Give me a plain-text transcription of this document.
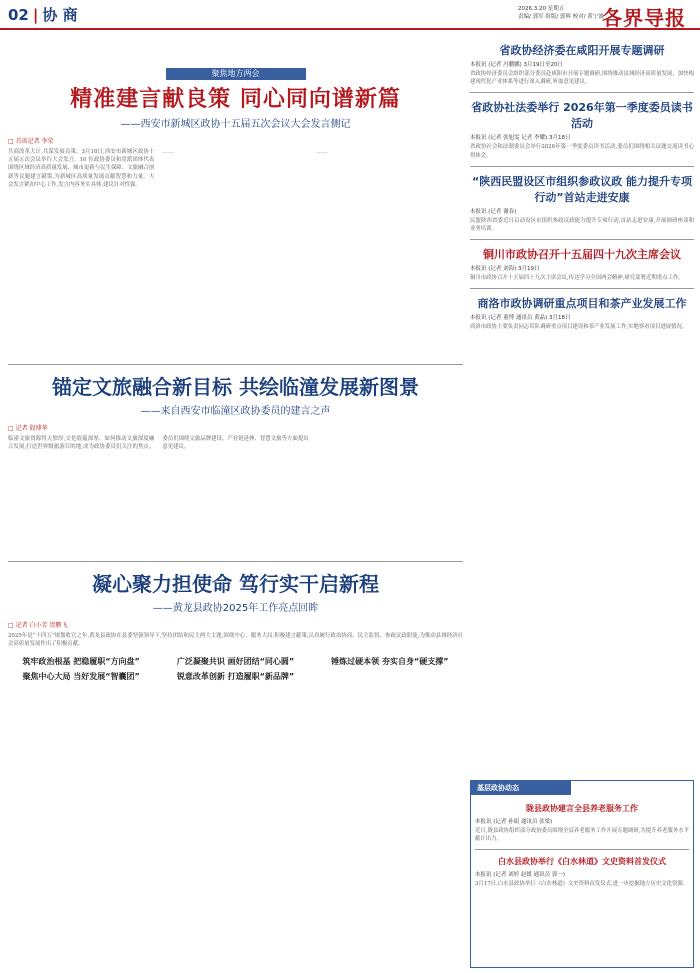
02 | 协 商	2026.3.20 星期五
责编/ 郭军 组版/ 郭辉 校对/ 黄宁波
各界导报
聚焦地方两会
精准建言献良策 同心同向谱新篇
——西安市新城区政协十五届五次会议大会发言侧记
□ 首席记者 李荣
共商改革大计,共谋发展良策。3月18日,西安市新城区政协十五届五次会议举行大会发言。10 位政协委员和党派团体代表围绕区域经济高质量发展、城市更新与民生保障、文旅融合创新等议题建言献策,为新城区高质量发展贡献智慧和力量。大会发言紧扣中心工作,发言内容务实具体,建议针对性强。
……	……
锚定文旅融合新目标 共绘临潼发展新图景
——来自西安市临潼区政协委员的建言之声
□ 记者 殷博华
临潼文旅资源得天独厚,文化底蕴深厚。如何推动文旅深度融合发展,打造世界级旅游目的地,成为政协委员们关注的焦点。委员们围绕文旅品牌建设、产业链延伸、智慧文旅等方面提出意见建议。
凝心聚力担使命 笃行实干启新程
——黄龙县政协2025年工作亮点回眸
□ 记者 白小芳 贺鹏飞
2025年是“十四五”规划收官之年,黄龙县政协在县委坚强领导下,坚持团结和民主两大主题,围绕中心、服务大局,积极建言献策,认真履行政治协商、民主监督、参政议政职能,为推动县域经济社会高质量发展作出了积极贡献。
筑牢政治根基 把稳履职“方向盘”
聚焦中心大局 当好发展“智囊团”
广泛凝聚共识 画好团结“同心圆”
锐意改革创新 打造履职“新品牌”
锤炼过硬本领 夯实自身“硬支撑”
省政协经济委在咸阳开展专题调研
本报讯 (记者 冯鹏鹏) 3月19日至20日
省政协经济委员会组织部分委员赴咸阳市开展专题调研,围绕推动县域经济高质量发展、加快构建现代化产业体系等进行深入调研,听取意见建议。
省政协社法委举行 2026年第一季度委员读书活动
本报讯 (记者 张旭雯 记者 李耀) 3月18日
省政协社会和法制委员会举行2026年第一季度委员读书活动,委员们围绕相关议题交流读书心得体会。
“陕西民盟设区市组织参政议政 能力提升专项行动”首站走进安康
本报讯 (记者 谢春)
民盟陕西省委近日启动设区市组织参政议政能力提升专项行动,首站走进安康,开展调研座谈和业务培训。
铜川市政协召开十五届四十九次主席会议
本报讯 (记者 刘海) 3月19日
铜川市政协召开十五届四十九次主席会议,传达学习全国两会精神,研究部署近期重点工作。
商洛市政协调研重点项目和茶产业发展工作
本报讯 (记者 董博 通讯员 黄晶) 3月18日
商洛市政协主要负责同志带队调研重点项目建设和茶产业发展工作,实地察看项目进展情况。
基层政协动态
陇县政协建言全县养老服务工作
本报讯 (记者 孙娟 通讯员 张梁)
近日,陇县政协组织部分政协委员围绕全县养老服务工作开展专题调研,为提升养老服务水平献计出力。
白水县政协举行《白水林道》文史资料首发仪式
本报讯 (记者 刘婷 赵媛 通讯员 郭一)
3月17日,白水县政协举行《白水林道》文史资料首发仪式,进一步挖掘地方历史文化资源。
